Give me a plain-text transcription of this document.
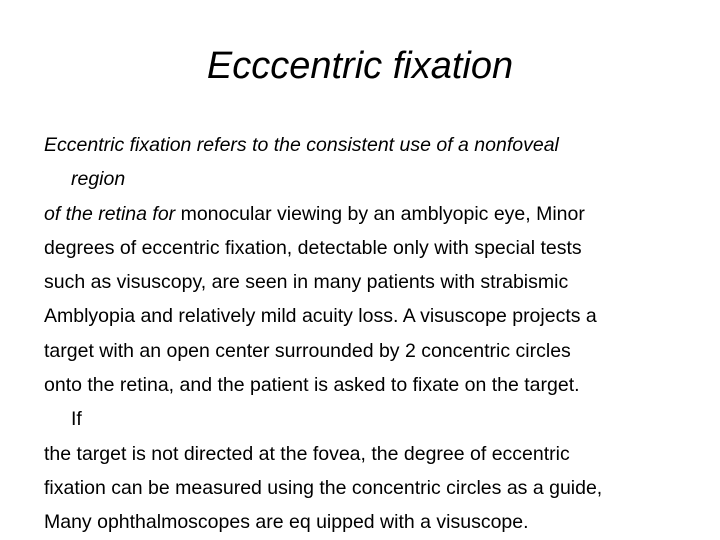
Ecccentric fixation
Eccentric fixation refers to the consistent use of a nonfoveal
region
of the retina for monocular viewing by an amblyopic eye, Minor
degrees of eccentric fixation, detectable only with special tests
such as visuscopy, are seen in many patients with strabismic
Amblyopia and relatively mild acuity loss. A visuscope projects a
target with an open center surrounded by 2 concentric circles
onto the retina, and the patient is asked to fixate on the target.
If
the target is not directed at the fovea, the degree of eccentric
fixation can be measured using the concentric circles as a guide,
Many ophthalmoscopes are eq uipped with a visuscope.
